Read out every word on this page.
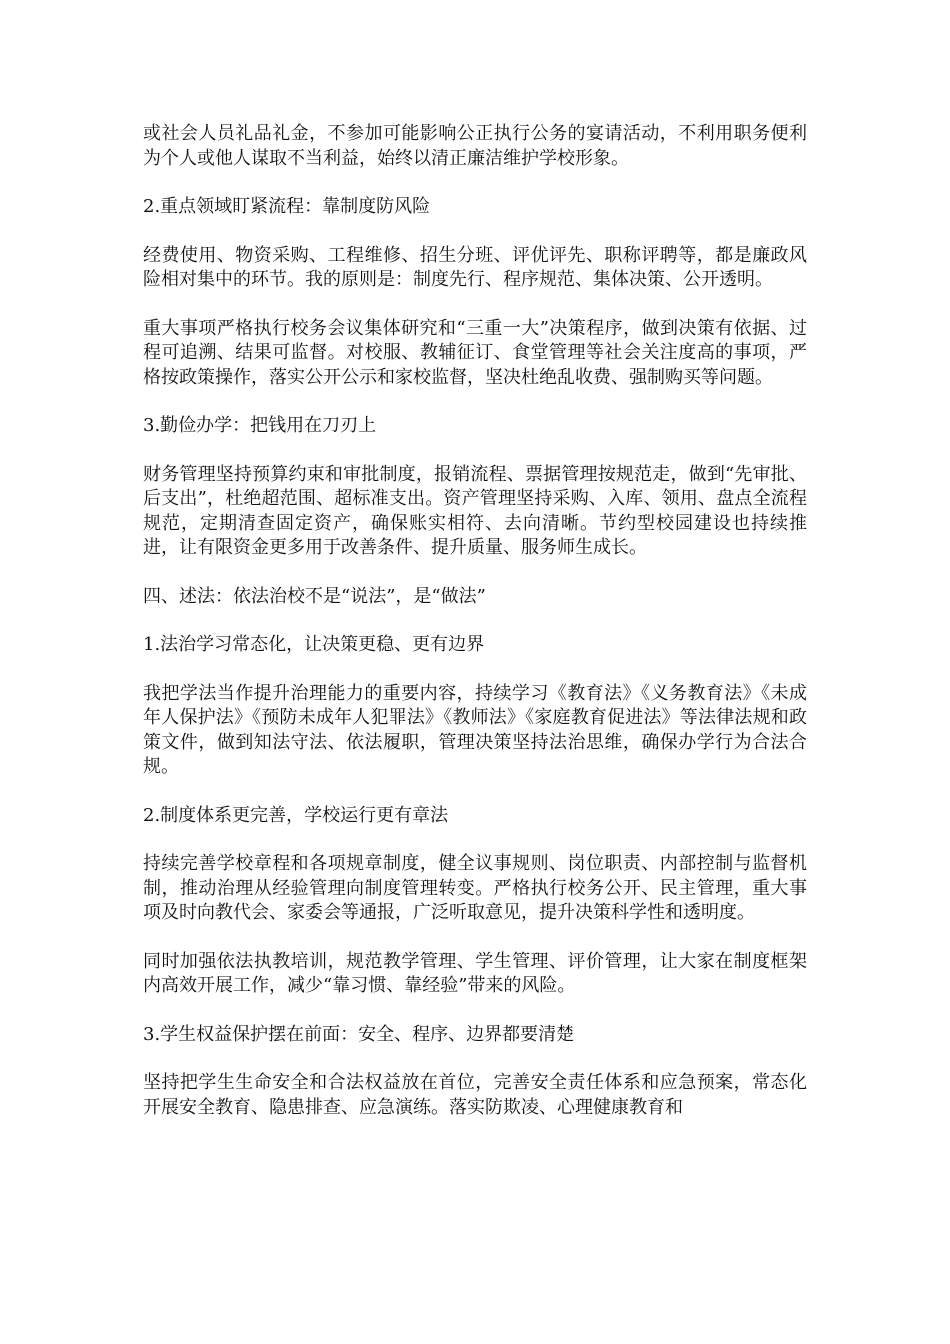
或社会人员礼品礼金，不参加可能影响公正执行公务的宴请活动，不利用职务便利为个人或他人谋取不当利益，始终以清正廉洁维护学校形象。

2.重点领域盯紧流程：靠制度防风险

经费使用、物资采购、工程维修、招生分班、评优评先、职称评聘等，都是廉政风险相对集中的环节。我的原则是：制度先行、程序规范、集体决策、公开透明。

重大事项严格执行校务会议集体研究和“三重一大”决策程序，做到决策有依据、过程可追溯、结果可监督。对校服、教辅征订、食堂管理等社会关注度高的事项，严格按政策操作，落实公开公示和家校监督，坚决杜绝乱收费、强制购买等问题。

3.勤俭办学：把钱用在刀刃上

财务管理坚持预算约束和审批制度，报销流程、票据管理按规范走，做到“先审批、后支出”，杜绝超范围、超标准支出。资产管理坚持采购、入库、领用、盘点全流程规范，定期清查固定资产，确保账实相符、去向清晰。节约型校园建设也持续推进，让有限资金更多用于改善条件、提升质量、服务师生成长。

四、述法：依法治校不是“说法”，是“做法”

1.法治学习常态化，让决策更稳、更有边界

我把学法当作提升治理能力的重要内容，持续学习《教育法》《义务教育法》《未成年人保护法》《预防未成年人犯罪法》《教师法》《家庭教育促进法》等法律法规和政策文件，做到知法守法、依法履职，管理决策坚持法治思维，确保办学行为合法合规。

2.制度体系更完善，学校运行更有章法

持续完善学校章程和各项规章制度，健全议事规则、岗位职责、内部控制与监督机制，推动治理从经验管理向制度管理转变。严格执行校务公开、民主管理，重大事项及时向教代会、家委会等通报，广泛听取意见，提升决策科学性和透明度。

同时加强依法执教培训，规范教学管理、学生管理、评价管理，让大家在制度框架内高效开展工作，减少“靠习惯、靠经验”带来的风险。

3.学生权益保护摆在前面：安全、程序、边界都要清楚

坚持把学生生命安全和合法权益放在首位，完善安全责任体系和应急预案，常态化开展安全教育、隐患排查、应急演练。落实防欺凌、心理健康教育和
